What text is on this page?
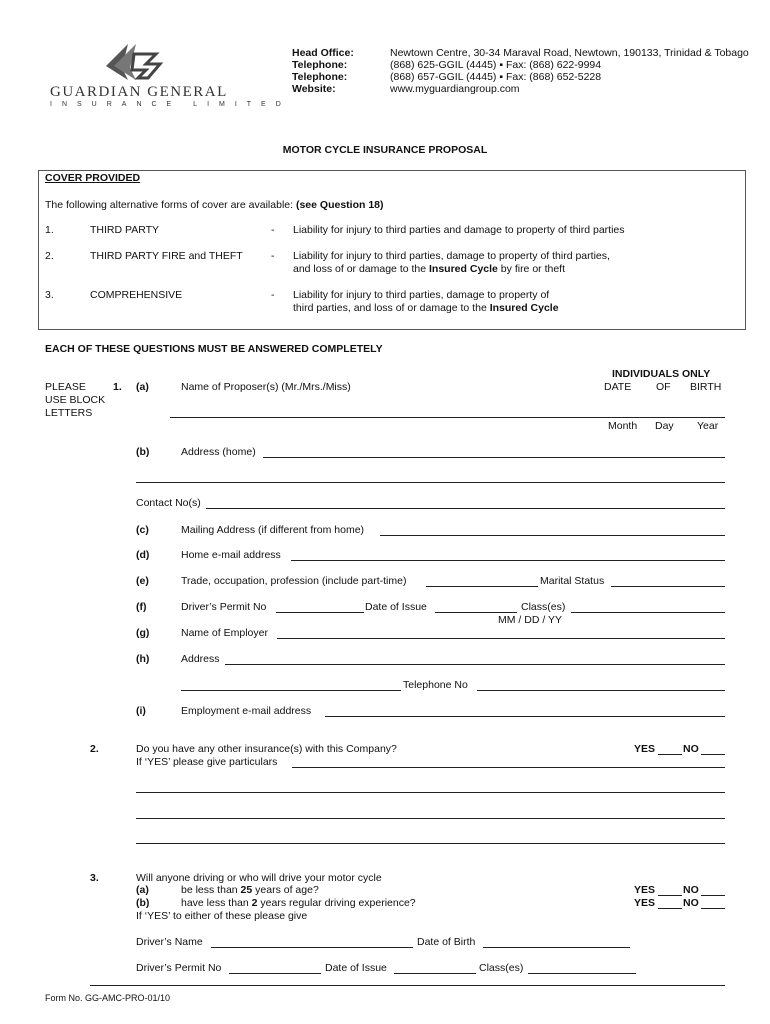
GUARDIAN GENERAL
INSURANCE LIMITED
Head Office:	Newtown Centre, 30-34 Maraval Road, Newtown, 190133, Trinidad & Tobago
Telephone:	(868) 625-GGIL (4445) ▪ Fax: (868) 622-9994
Telephone:	(868) 657-GGIL (4445) ▪ Fax: (868) 652-5228
Website:	www.myguardiangroup.com
MOTOR CYCLE INSURANCE PROPOSAL
COVER PROVIDED
The following alternative forms of cover are available: (see Question 18)
1.	THIRD PARTY	- Liability for injury to third parties and damage to property of third parties
2.	THIRD PARTY FIRE and THEFT	- Liability for injury to third parties, damage to property of third parties,
and loss of or damage to the Insured Cycle by fire or theft
3.	COMPREHENSIVE	- Liability for injury to third parties, damage to property of
third parties, and loss of or damage to the Insured Cycle
EACH OF THESE QUESTIONS MUST BE ANSWERED COMPLETELY
INDIVIDUALS ONLY
DATE OF BIRTH
PLEASE
USE BLOCK
LETTERS
1. (a)	Name of Proposer(s) (Mr./Mrs./Miss)
Month Day Year
(b)	Address (home)
Contact No(s)
(c)	Mailing Address (if different from home)
(d)	Home e-mail address
(e)	Trade, occupation, profession (include part-time)	Marital Status
(f)	Driver’s Permit No	Date of Issue	Class(es)
MM / DD / YY
(g)	Name of Employer
(h)	Address
Telephone No
(i)	Employment e-mail address
2.	Do you have any other insurance(s) with this Company?	YES	NO
If ‘YES’ please give particulars
3.	Will anyone driving or who will drive your motor cycle
(a)	be less than 25 years of age?	YES	NO
(b)	have less than 2 years regular driving experience?	YES	NO
If ‘YES’ to either of these please give
Driver’s Name	Date of Birth
Driver’s Permit No	Date of Issue	Class(es)
Form No. GG-AMC-PRO-01/10
